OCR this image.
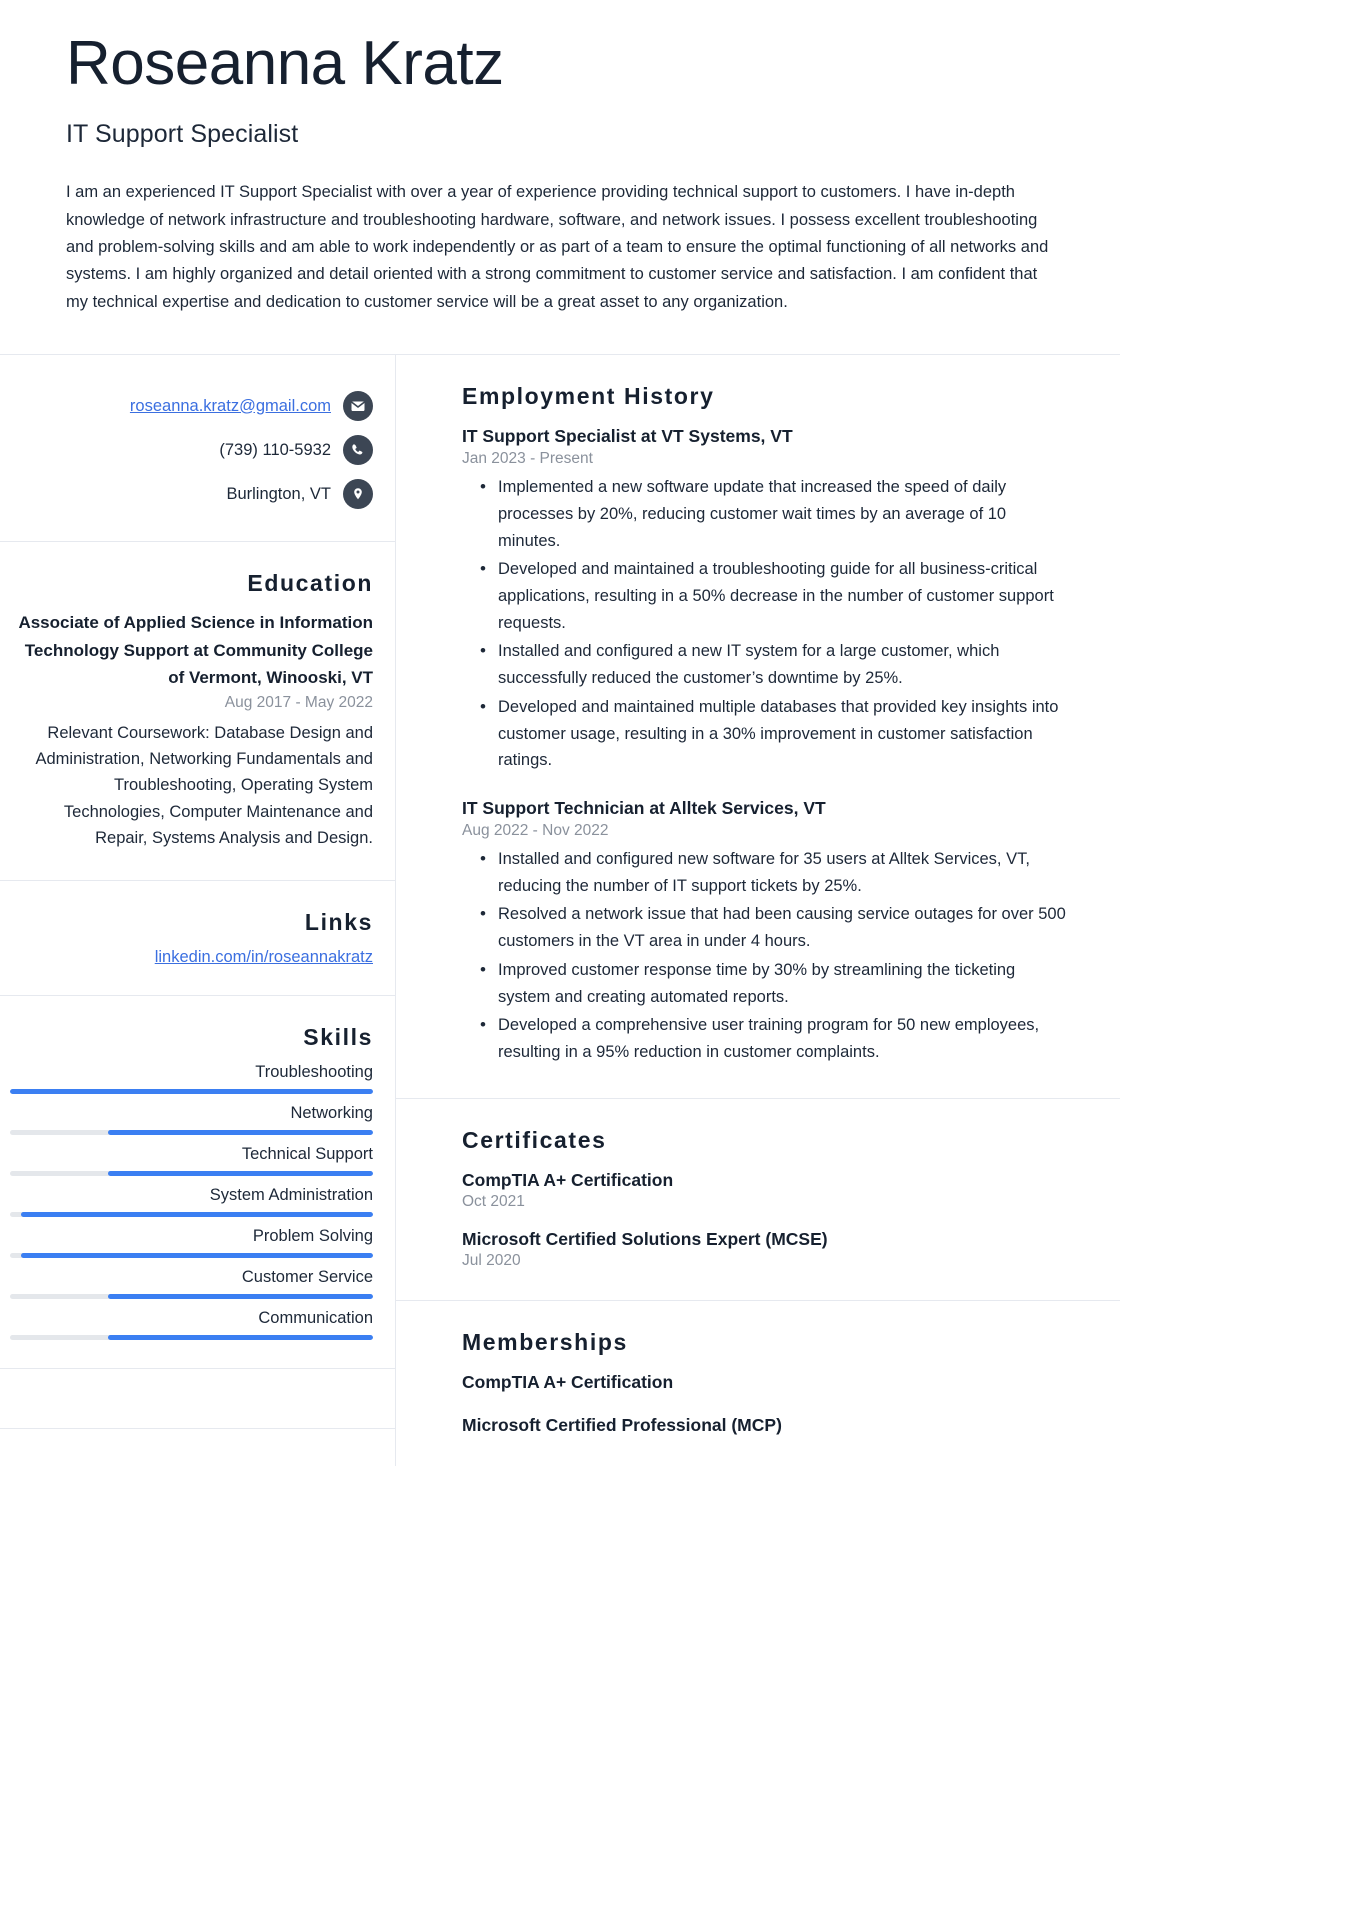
Roseanna Kratz
IT Support Specialist

I am an experienced IT Support Specialist with over a year of experience providing technical support to customers. I have in-depth knowledge of network infrastructure and troubleshooting hardware, software, and network issues. I possess excellent troubleshooting and problem-solving skills and am able to work independently or as part of a team to ensure the optimal functioning of all networks and systems. I am highly organized and detail oriented with a strong commitment to customer service and satisfaction. I am confident that my technical expertise and dedication to customer service will be a great asset to any organization.

roseanna.kratz@gmail.com
(739) 110-5932
Burlington, VT
Education
Associate of Applied Science in Information Technology Support at Community College of Vermont, Winooski, VT
Aug 2017 - May 2022
Relevant Coursework: Database Design and Administration, Networking Fundamentals and Troubleshooting, Operating System Technologies, Computer Maintenance and Repair, Systems Analysis and Design.
Links
linkedin.com/in/roseannakratz
Skills
Troubleshooting
Networking
Technical Support
System Administration
Problem Solving
Customer Service
Communication
Employment History
IT Support Specialist at VT Systems, VT
Jan 2023 - Present
• Implemented a new software update that increased the speed of daily processes by 20%, reducing customer wait times by an average of 10 minutes.
• Developed and maintained a troubleshooting guide for all business-critical applications, resulting in a 50% decrease in the number of customer support requests.
• Installed and configured a new IT system for a large customer, which successfully reduced the customer’s downtime by 25%.
• Developed and maintained multiple databases that provided key insights into customer usage, resulting in a 30% improvement in customer satisfaction ratings.
IT Support Technician at Alltek Services, VT
Aug 2022 - Nov 2022
• Installed and configured new software for 35 users at Alltek Services, VT, reducing the number of IT support tickets by 25%.
• Resolved a network issue that had been causing service outages for over 500 customers in the VT area in under 4 hours.
• Improved customer response time by 30% by streamlining the ticketing system and creating automated reports.
• Developed a comprehensive user training program for 50 new employees, resulting in a 95% reduction in customer complaints.
Certificates
CompTIA A+ Certification
Oct 2021
Microsoft Certified Solutions Expert (MCSE)
Jul 2020
Memberships
CompTIA A+ Certification
Microsoft Certified Professional (MCP)
